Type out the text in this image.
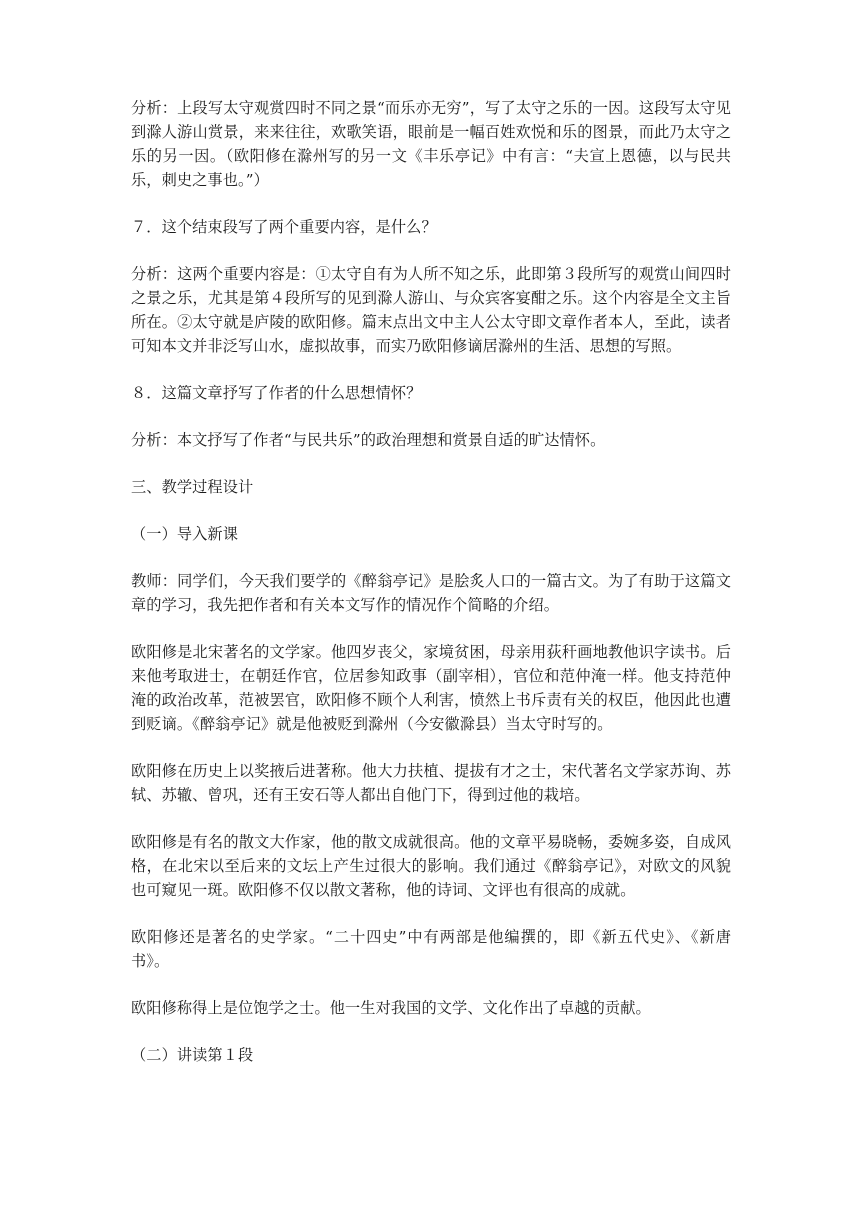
分析：上段写太守观赏四时不同之景“而乐亦无穷”，写了太守之乐的一因。这段写太守见到滁人游山赏景，来来往往，欢歌笑语，眼前是一幅百姓欢悦和乐的图景，而此乃太守之乐的另一因。（欧阳修在滁州写的另一文《丰乐亭记》中有言：“夫宣上恩德，以与民共乐，刺史之事也。”）

７．这个结束段写了两个重要内容，是什么？

分析：这两个重要内容是：①太守自有为人所不知之乐，此即第３段所写的观赏山间四时之景之乐，尤其是第４段所写的见到滁人游山、与众宾客宴酣之乐。这个内容是全文主旨所在。②太守就是庐陵的欧阳修。篇末点出文中主人公太守即文章作者本人，至此，读者可知本文并非泛写山水，虚拟故事，而实乃欧阳修谪居滁州的生活、思想的写照。

８．这篇文章抒写了作者的什么思想情怀？

分析：本文抒写了作者“与民共乐”的政治理想和赏景自适的旷达情怀。

三、教学过程设计

（一）导入新课

教师：同学们，今天我们要学的《醉翁亭记》是脍炙人口的一篇古文。为了有助于这篇文章的学习，我先把作者和有关本文写作的情况作个简略的介绍。

欧阳修是北宋著名的文学家。他四岁丧父，家境贫困，母亲用荻秆画地教他识字读书。后来他考取进士，在朝廷作官，位居参知政事（副宰相），官位和范仲淹一样。他支持范仲淹的政治改革，范被罢官，欧阳修不顾个人利害，愤然上书斥责有关的权臣，他因此也遭到贬谪。《醉翁亭记》就是他被贬到滁州（今安徽滁县）当太守时写的。

欧阳修在历史上以奖掖后进著称。他大力扶植、提拔有才之士，宋代著名文学家苏询、苏轼、苏辙、曾巩，还有王安石等人都出自他门下，得到过他的栽培。

欧阳修是有名的散文大作家，他的散文成就很高。他的文章平易晓畅，委婉多姿，自成风格，在北宋以至后来的文坛上产生过很大的影响。我们通过《醉翁亭记》，对欧文的风貌也可窥见一斑。欧阳修不仅以散文著称，他的诗词、文评也有很高的成就。

欧阳修还是著名的史学家。“二十四史”中有两部是他编撰的，即《新五代史》、《新唐书》。

欧阳修称得上是位饱学之士。他一生对我国的文学、文化作出了卓越的贡献。

（二）讲读第１段
